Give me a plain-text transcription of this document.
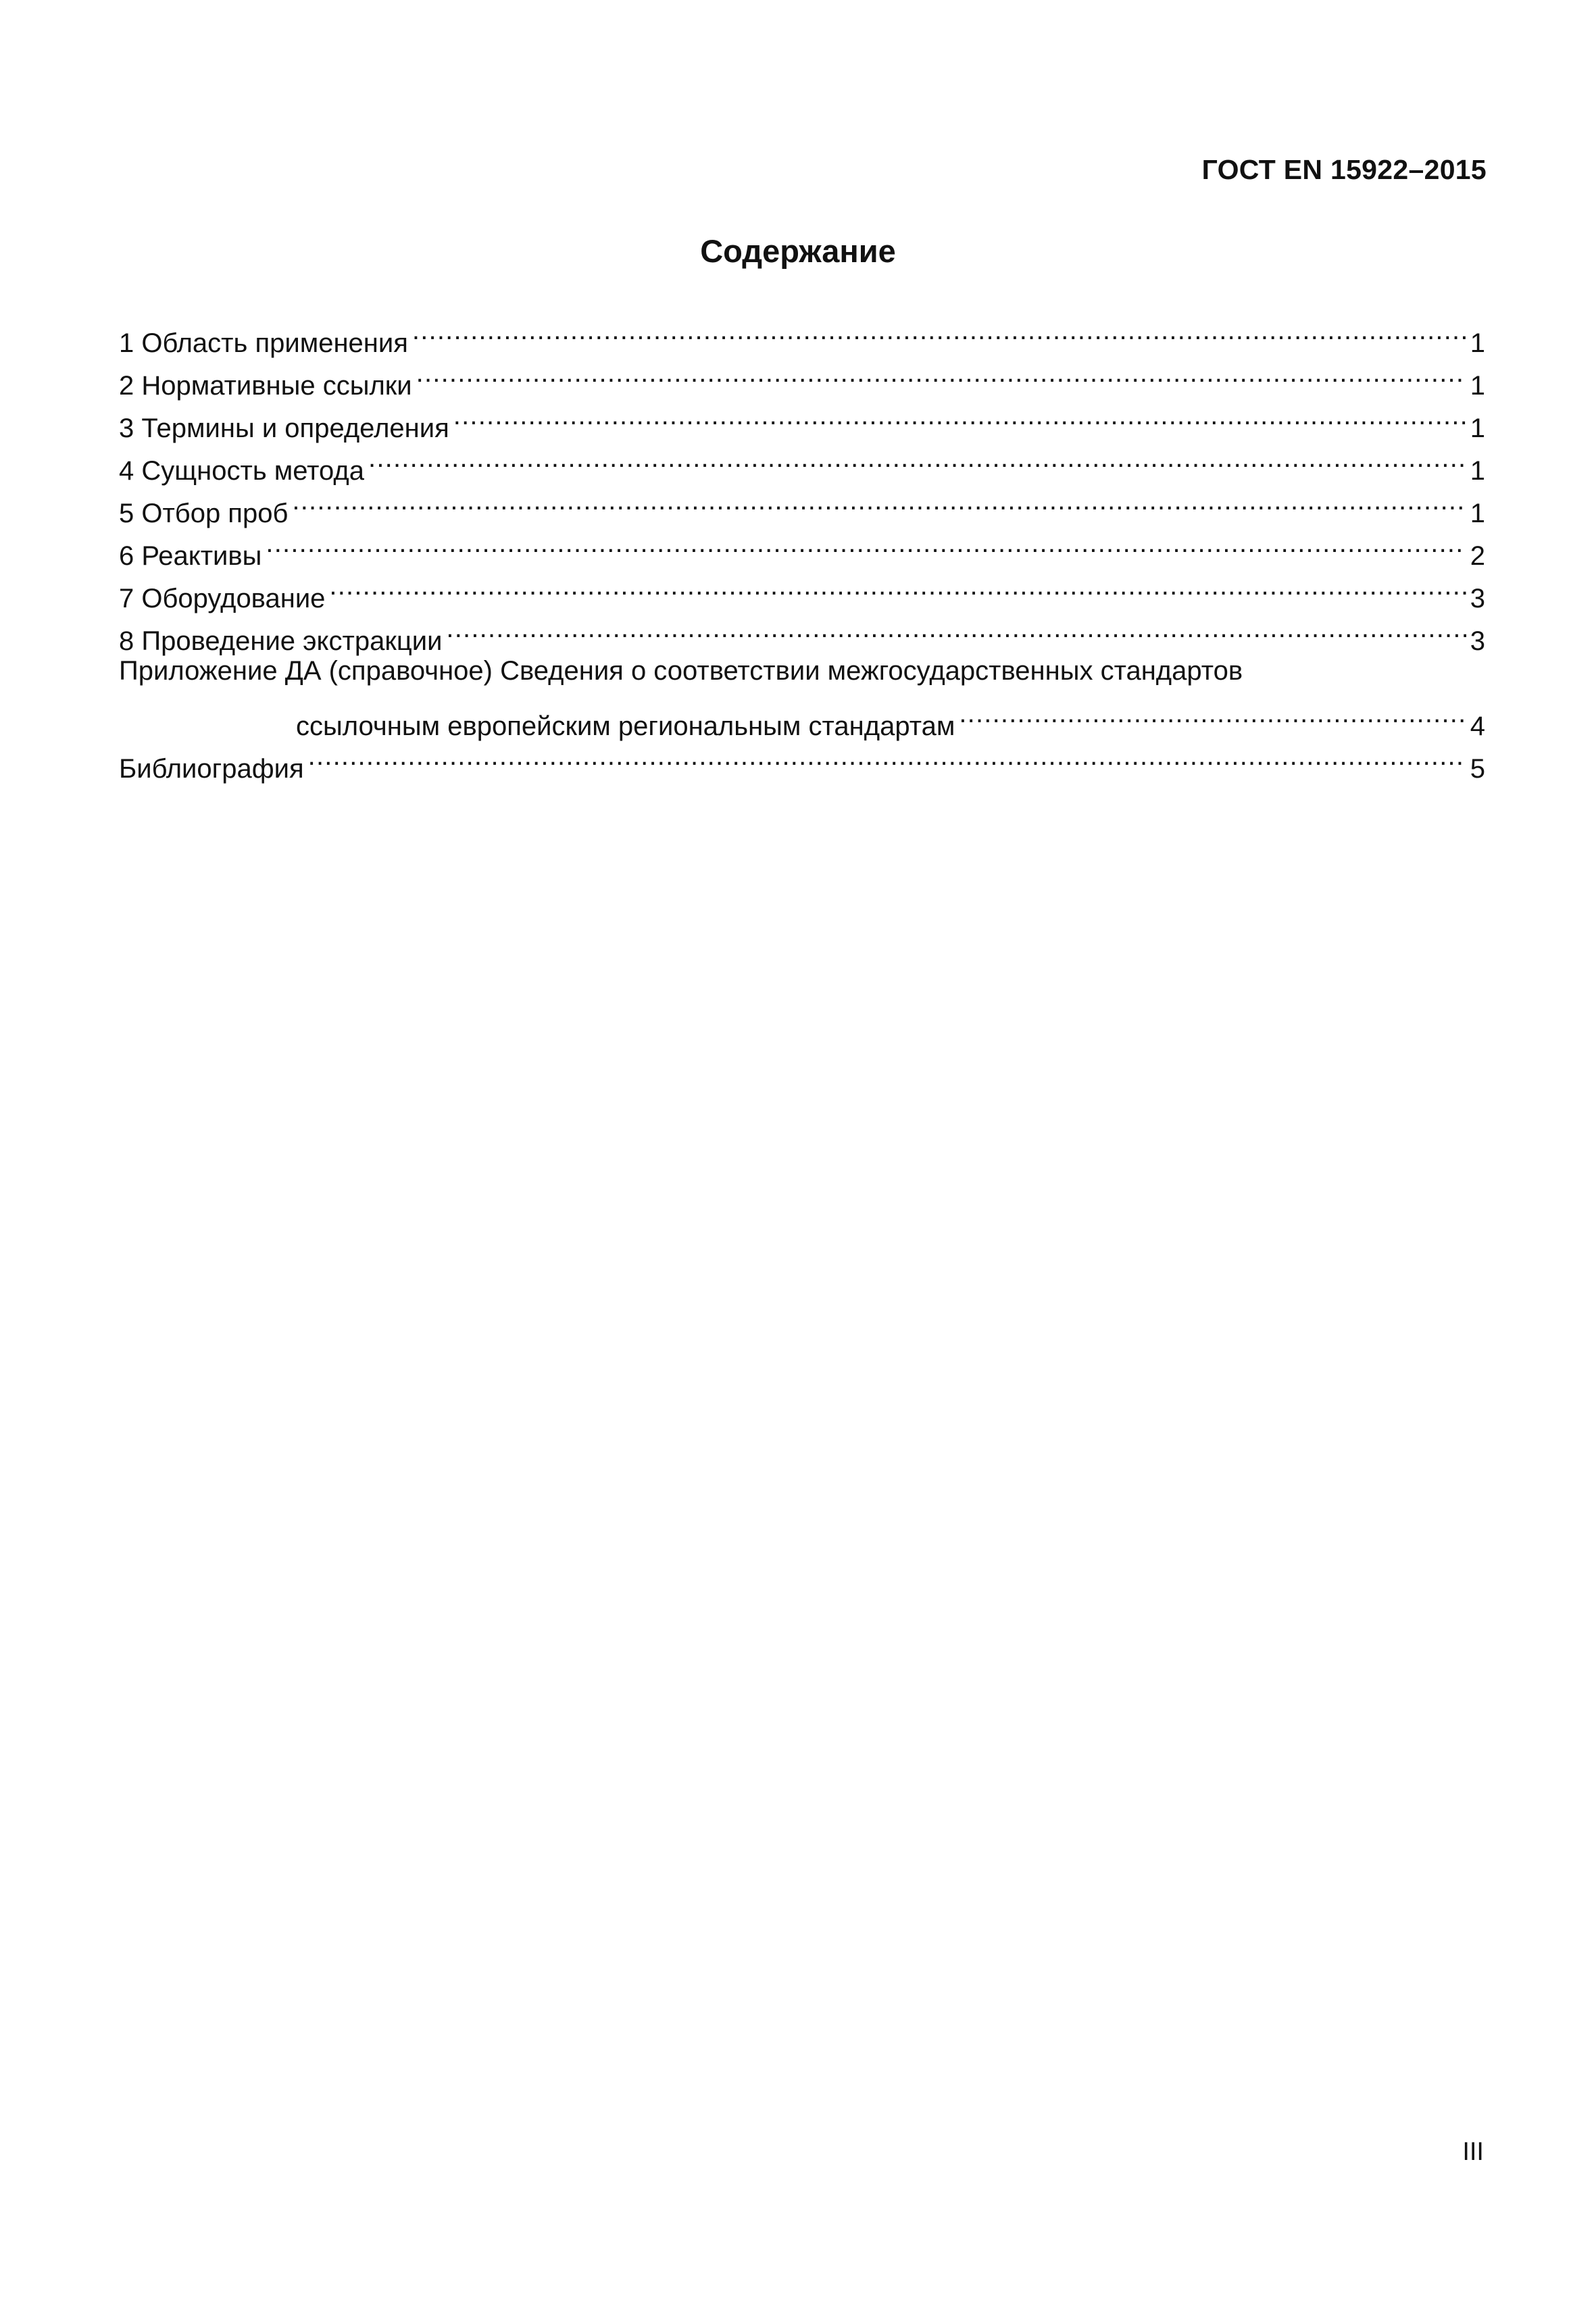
ГОСТ EN 15922–2015
Содержание
1 Область применения .....	1
2 Нормативные ссылки .....	1
3 Термины и определения .....	1
4 Сущность метода .....	1
5 Отбор проб .....	1
6 Реактивы .....	2
7 Оборудование .....	3
8 Проведение экстракции .....	3
Приложение ДА (справочное) Сведения о соответствии межгосударственных стандартов
ссылочным европейским региональным стандартам .....	4
Библиография .....	5
III
